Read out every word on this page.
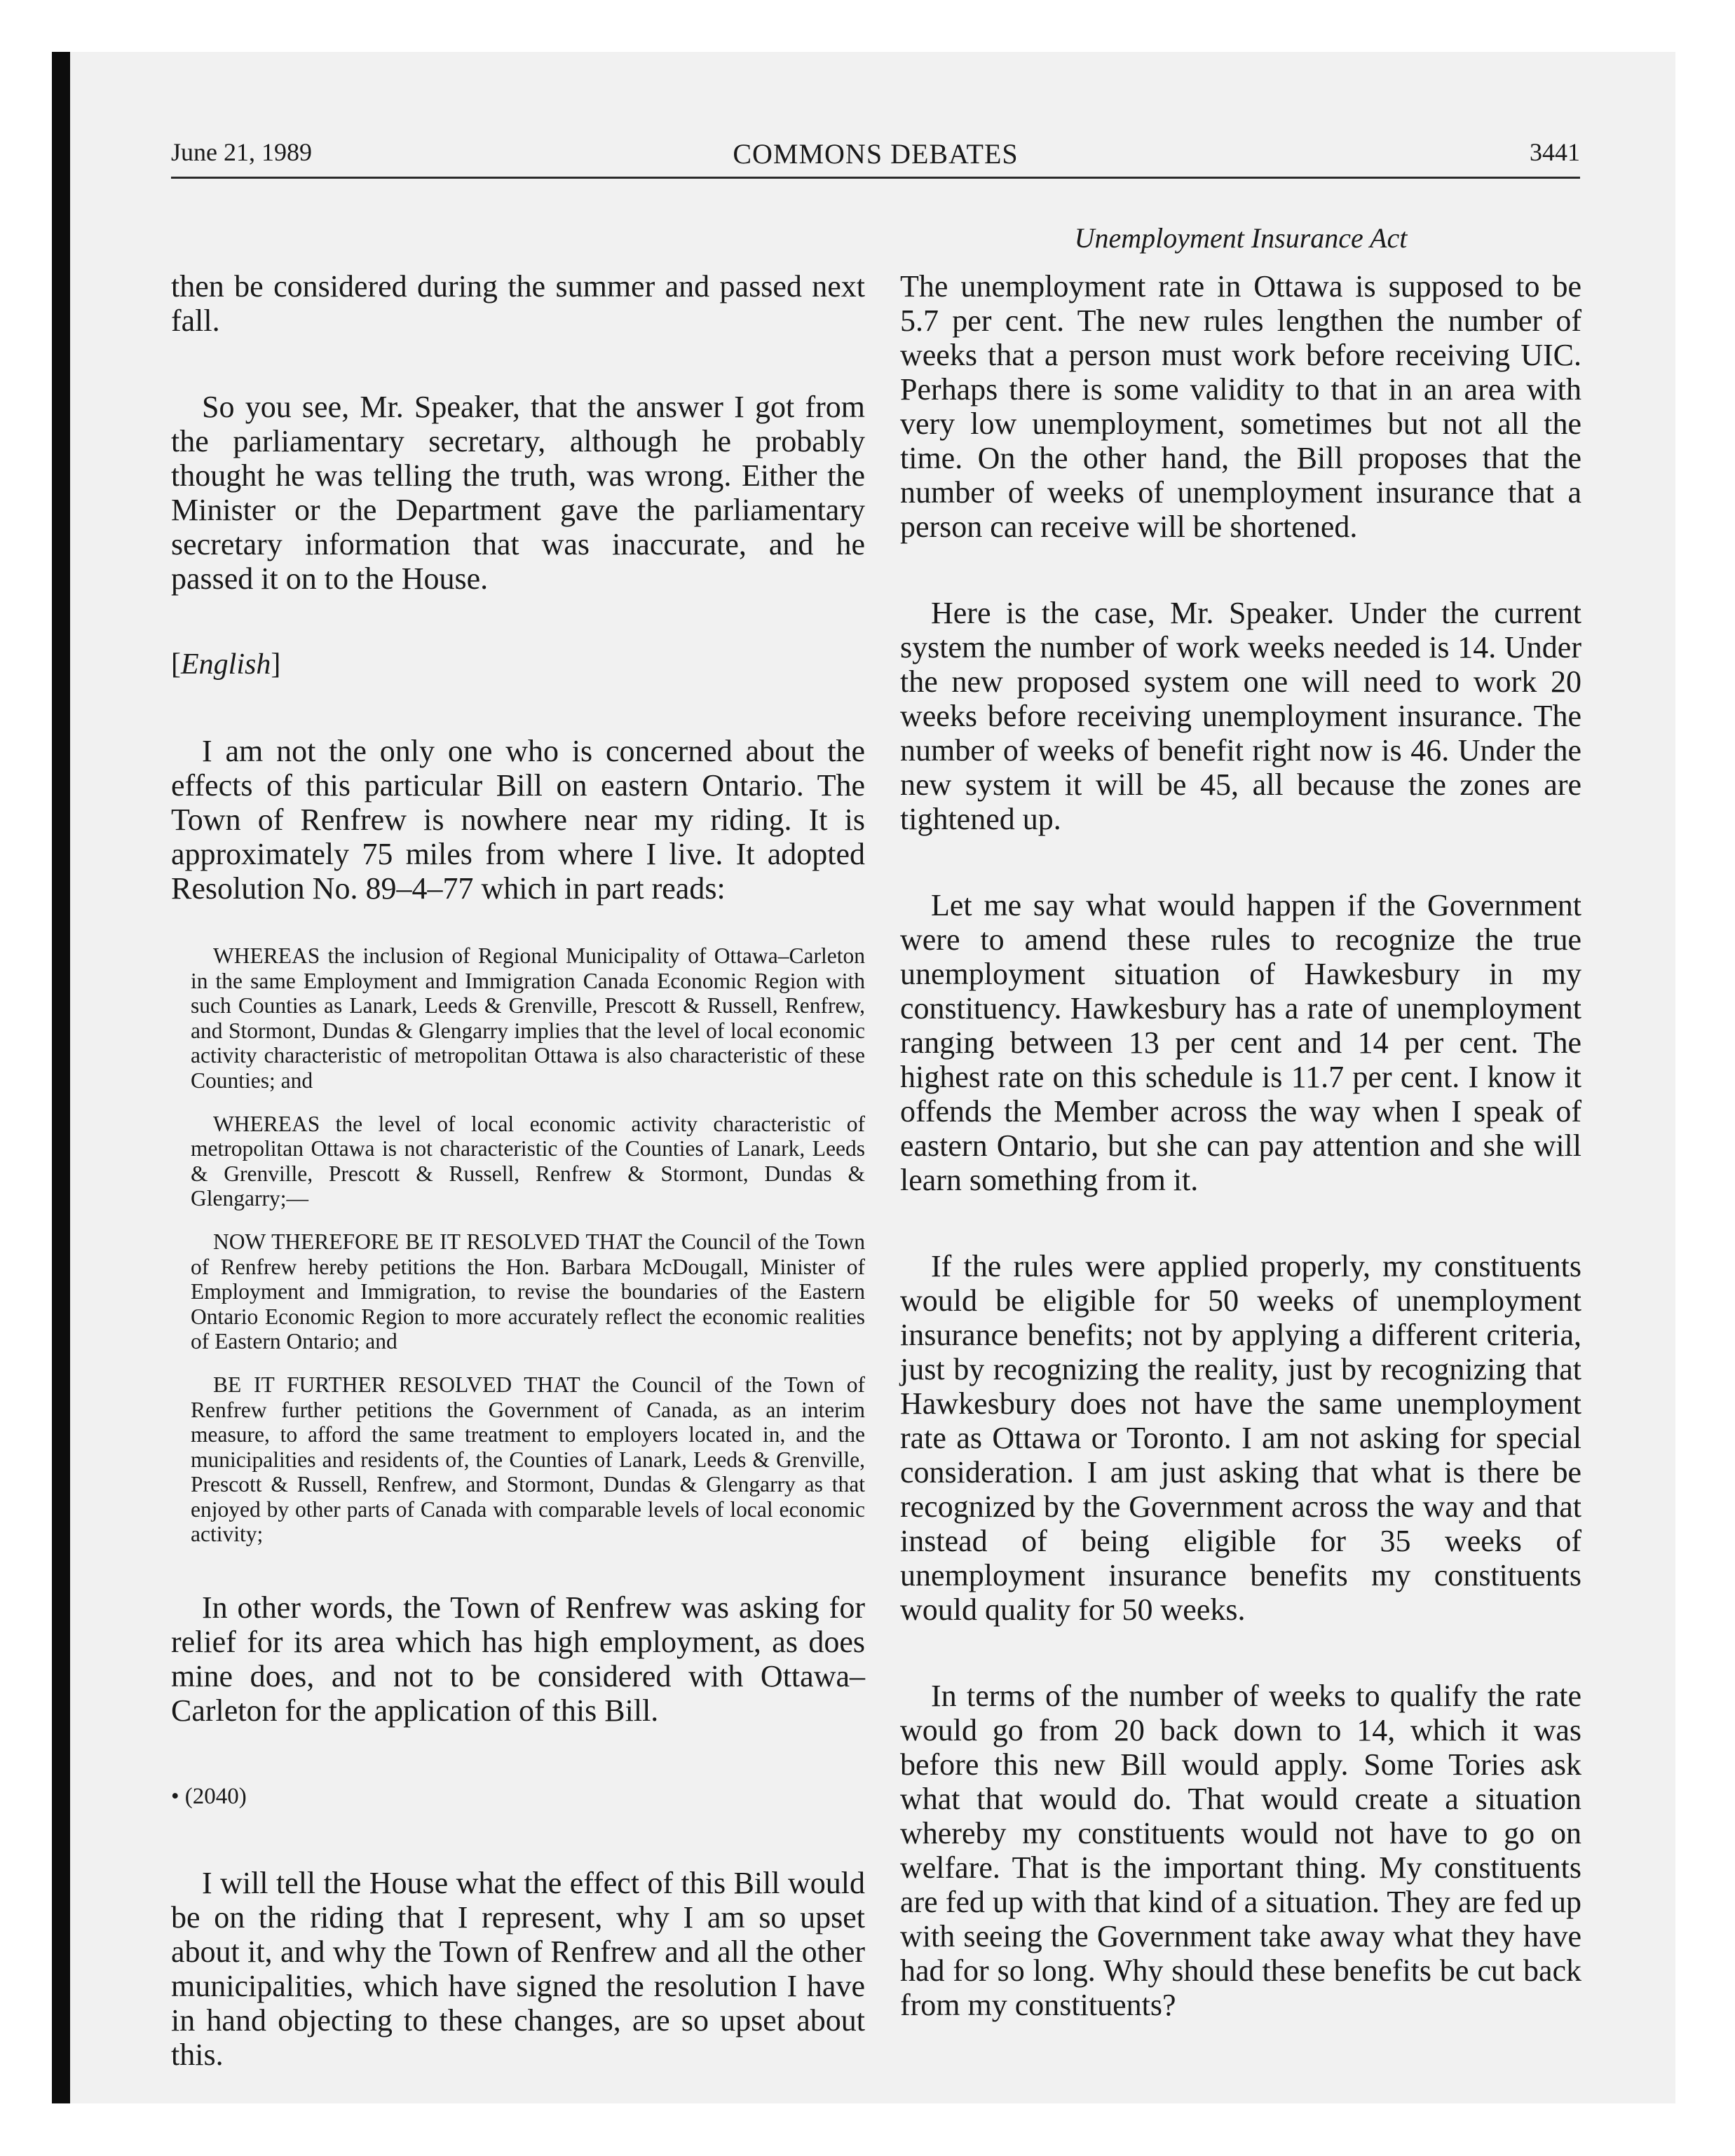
June 21, 1989	COMMONS DEBATES	3441
Unemployment Insurance Act

then be considered during the summer and passed next fall.

So you see, Mr. Speaker, that the answer I got from the parliamentary secretary, although he probably thought he was telling the truth, was wrong. Either the Minister or the Department gave the parliamentary secretary information that was inaccurate, and he passed it on to the House.

[English]

I am not the only one who is concerned about the effects of this particular Bill on eastern Ontario. The Town of Renfrew is nowhere near my riding. It is approximately 75 miles from where I live. It adopted Resolution No. 89–4–77 which in part reads:

WHEREAS the inclusion of Regional Municipality of Ottawa–Carleton in the same Employment and Immigration Canada Economic Region with such Counties as Lanark, Leeds & Grenville, Prescott & Russell, Renfrew, and Stormont, Dundas & Glengarry implies that the level of local economic activity characteristic of metropolitan Ottawa is also characteristic of these Counties; and

WHEREAS the level of local economic activity characteristic of metropolitan Ottawa is not characteristic of the Counties of Lanark, Leeds & Grenville, Prescott & Russell, Renfrew & Stormont, Dundas & Glengarry;—

NOW THEREFORE BE IT RESOLVED THAT the Council of the Town of Renfrew hereby petitions the Hon. Barbara McDougall, Minister of Employment and Immigration, to revise the boundaries of the Eastern Ontario Economic Region to more accurately reflect the economic realities of Eastern Ontario; and

BE IT FURTHER RESOLVED THAT the Council of the Town of Renfrew further petitions the Government of Canada, as an interim measure, to afford the same treatment to employers located in, and the municipalities and residents of, the Counties of Lanark, Leeds & Grenville, Prescott & Russell, Renfrew, and Stormont, Dundas & Glengarry as that enjoyed by other parts of Canada with comparable levels of local economic activity;

In other words, the Town of Renfrew was asking for relief for its area which has high employment, as does mine does, and not to be considered with Ottawa–Carleton for the application of this Bill.

• (2040)

I will tell the House what the effect of this Bill would be on the riding that I represent, why I am so upset about it, and why the Town of Renfrew and all the other municipalities, which have signed the resolution I have in hand objecting to these changes, are so upset about this.

The unemployment rate in Ottawa is supposed to be 5.7 per cent. The new rules lengthen the number of weeks that a person must work before receiving UIC. Perhaps there is some validity to that in an area with very low unemployment, sometimes but not all the time. On the other hand, the Bill proposes that the number of weeks of unemployment insurance that a person can receive will be shortened.

Here is the case, Mr. Speaker. Under the current system the number of work weeks needed is 14. Under the new proposed system one will need to work 20 weeks before receiving unemployment insurance. The number of weeks of benefit right now is 46. Under the new system it will be 45, all because the zones are tightened up.

Let me say what would happen if the Government were to amend these rules to recognize the true unemployment situation of Hawkesbury in my constituency. Hawkesbury has a rate of unemployment ranging between 13 per cent and 14 per cent. The highest rate on this schedule is 11.7 per cent. I know it offends the Member across the way when I speak of eastern Ontario, but she can pay attention and she will learn something from it.

If the rules were applied properly, my constituents would be eligible for 50 weeks of unemployment insurance benefits; not by applying a different criteria, just by recognizing the reality, just by recognizing that Hawkesbury does not have the same unemployment rate as Ottawa or Toronto. I am not asking for special consideration. I am just asking that what is there be recognized by the Government across the way and that instead of being eligible for 35 weeks of unemployment insurance benefits my constituents would quality for 50 weeks.

In terms of the number of weeks to qualify the rate would go from 20 back down to 14, which it was before this new Bill would apply. Some Tories ask what that would do. That would create a situation whereby my constituents would not have to go on welfare. That is the important thing. My constituents are fed up with that kind of a situation. They are fed up with seeing the Government take away what they have had for so long. Why should these benefits be cut back from my constituents?
